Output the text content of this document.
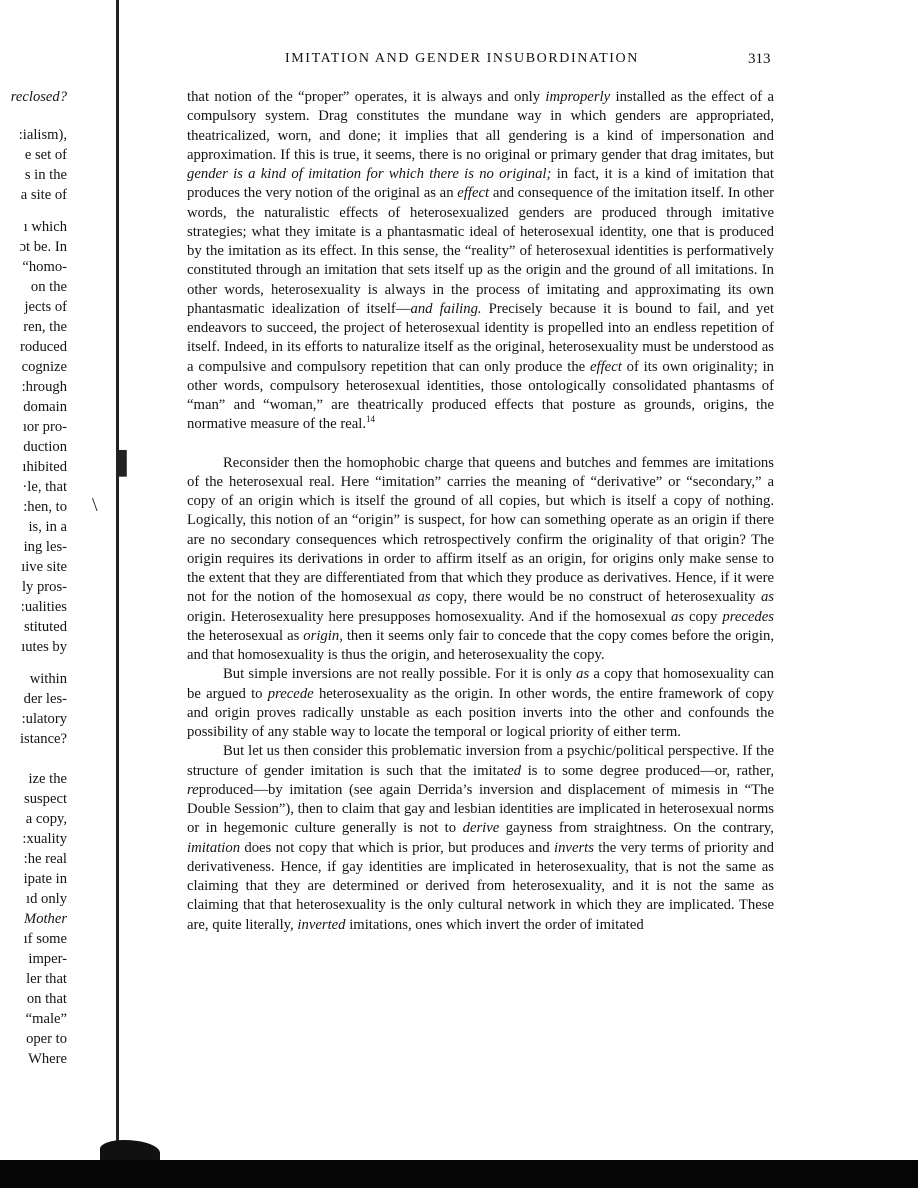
\
▌
reclosed?
:ialism),
e set of
s in the
a site of
ı which
ɔt be. In
“homo-
on the
jects of
ren, the
roduced
cognize
:hrough
domain
ıor pro-
duction
ıhibited
·le, that
:hen, to
is, in a
ing les-
ıive site
ly pros-
:ualities
stituted
ıutes by
within
der les-
:ulatory
istance?
ize the
suspect
a copy,
:xuality
:he real
ipate in
ıd only
Mother
ıf some
imper-
ler that
on that
“male”
oper to
Where
IMITATION AND GENDER INSUBORDINATION	313

that notion of the “proper” operates, it is always and only improperly installed as the effect of a compulsory system. Drag constitutes the mundane way in which genders are appropriated, theatricalized, worn, and done; it implies that all gendering is a kind of impersonation and approximation. If this is true, it seems, there is no original or primary gender that drag imitates, but gender is a kind of imitation for which there is no original; in fact, it is a kind of imitation that produces the very notion of the original as an effect and consequence of the imitation itself. In other words, the naturalistic effects of heterosexualized genders are produced through imitative strategies; what they imitate is a phantasmatic ideal of heterosexual identity, one that is produced by the imitation as its effect. In this sense, the “reality” of heterosexual identities is performatively constituted through an imitation that sets itself up as the origin and the ground of all imitations. In other words, heterosexuality is always in the process of imitating and approximating its own phantasmatic idealization of itself—and failing. Precisely because it is bound to fail, and yet endeavors to succeed, the project of heterosexual identity is propelled into an endless repetition of itself. Indeed, in its efforts to naturalize itself as the original, heterosexuality must be understood as a compulsive and compulsory repetition that can only produce the effect of its own originality; in other words, compulsory heterosexual identities, those ontologically consolidated phantasms of “man” and “woman,” are theatrically produced effects that posture as grounds, origins, the normative measure of the real.$^{14}$

Reconsider then the homophobic charge that queens and butches and femmes are imitations of the heterosexual real. Here “imitation” carries the meaning of “derivative” or “secondary,” a copy of an origin which is itself the ground of all copies, but which is itself a copy of nothing. Logically, this notion of an “origin” is suspect, for how can something operate as an origin if there are no secondary consequences which retrospectively confirm the originality of that origin? The origin requires its derivations in order to affirm itself as an origin, for origins only make sense to the extent that they are differentiated from that which they produce as derivatives. Hence, if it were not for the notion of the homosexual as copy, there would be no construct of heterosexuality as origin. Heterosexuality here presupposes homosexuality. And if the homosexual as copy precedes the heterosexual as origin, then it seems only fair to concede that the copy comes before the origin, and that homosexuality is thus the origin, and heterosexuality the copy.

But simple inversions are not really possible. For it is only as a copy that homosexuality can be argued to precede heterosexuality as the origin. In other words, the entire framework of copy and origin proves radically unstable as each position inverts into the other and confounds the possibility of any stable way to locate the temporal or logical priority of either term.

But let us then consider this problematic inversion from a psychic/political perspective. If the structure of gender imitation is such that the imitated is to some degree produced—or, rather, reproduced—by imitation (see again Derrida’s inversion and displacement of mimesis in “The Double Session”), then to claim that gay and lesbian identities are implicated in heterosexual norms or in hegemonic culture generally is not to derive gayness from straightness. On the contrary, imitation does not copy that which is prior, but produces and inverts the very terms of priority and derivativeness. Hence, if gay identities are implicated in heterosexuality, that is not the same as claiming that they are determined or derived from heterosexuality, and it is not the same as claiming that that heterosexuality is the only cultural network in which they are implicated. These are, quite literally, inverted imitations, ones which invert the order of imitated
